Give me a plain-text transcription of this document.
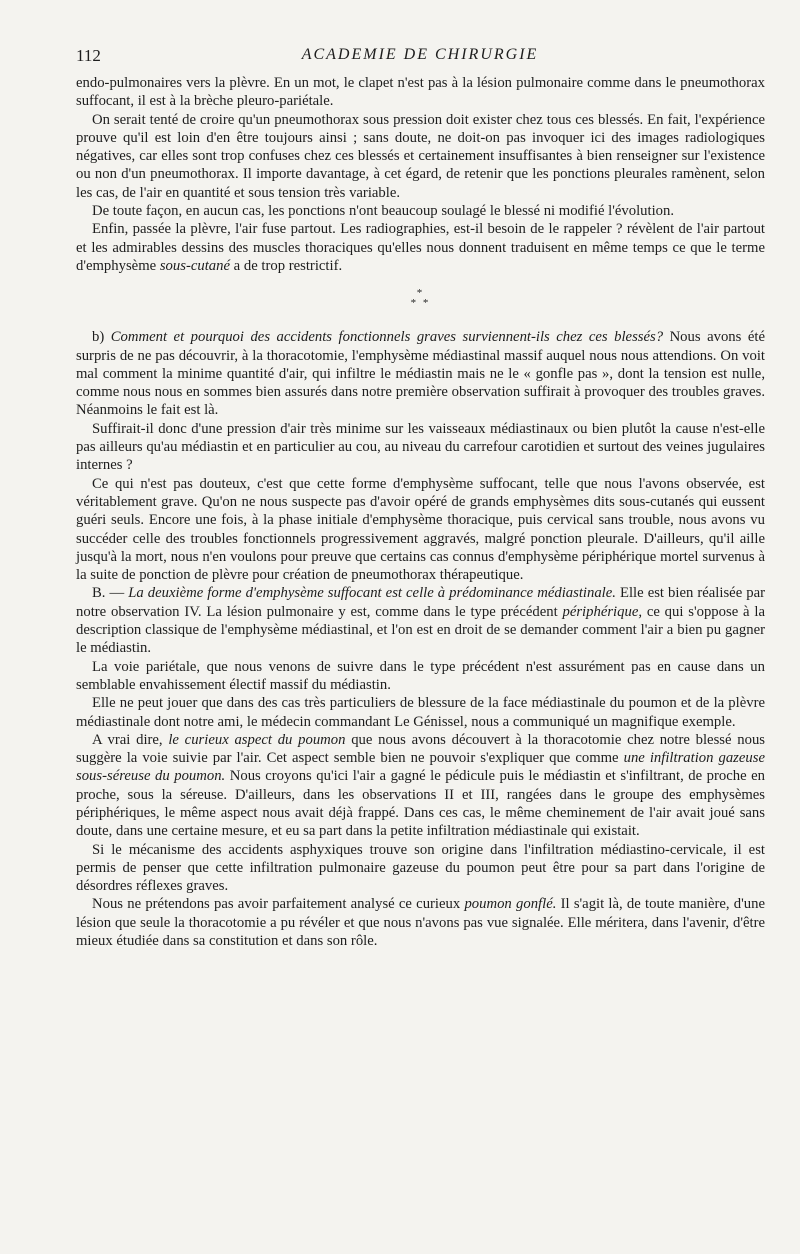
112	ACADEMIE DE CHIRURGIE

endo-pulmonaires vers la plèvre. En un mot, le clapet n'est pas à la lésion pulmonaire comme dans le pneumothorax suffocant, il est à la brèche pleuro-pariétale.

On serait tenté de croire qu'un pneumothorax sous pression doit exister chez tous ces blessés. En fait, l'expérience prouve qu'il est loin d'en être toujours ainsi ; sans doute, ne doit-on pas invoquer ici des images radiologiques négatives, car elles sont trop confuses chez ces blessés et certainement insuffisantes à bien renseigner sur l'existence ou non d'un pneumothorax. Il importe davantage, à cet égard, de retenir que les ponctions pleurales ramènent, selon les cas, de l'air en quantité et sous tension très variable.

De toute façon, en aucun cas, les ponctions n'ont beaucoup soulagé le blessé ni modifié l'évolution.

Enfin, passée la plèvre, l'air fuse partout. Les radiographies, est-il besoin de le rappeler ? révèlent de l'air partout et les admirables dessins des muscles thoraciques qu'elles nous donnent traduisent en même temps ce que le terme d'emphysème sous-cutané a de trop restrictif.

*
* *

b) Comment et pourquoi des accidents fonctionnels graves surviennent-ils chez ces blessés? Nous avons été surpris de ne pas découvrir, à la thoracotomie, l'emphysème médiastinal massif auquel nous nous attendions. On voit mal comment la minime quantité d'air, qui infiltre le médiastin mais ne le « gonfle pas », dont la tension est nulle, comme nous nous en sommes bien assurés dans notre première observation suffirait à provoquer des troubles graves. Néanmoins le fait est là.

Suffirait-il donc d'une pression d'air très minime sur les vaisseaux médiastinaux ou bien plutôt la cause n'est-elle pas ailleurs qu'au médiastin et en particulier au cou, au niveau du carrefour carotidien et surtout des veines jugulaires internes ?

Ce qui n'est pas douteux, c'est que cette forme d'emphysème suffocant, telle que nous l'avons observée, est véritablement grave. Qu'on ne nous suspecte pas d'avoir opéré de grands emphysèmes dits sous-cutanés qui eussent guéri seuls. Encore une fois, à la phase initiale d'emphysème thoracique, puis cervical sans trouble, nous avons vu succéder celle des troubles fonctionnels progressivement aggravés, malgré ponction pleurale. D'ailleurs, qu'il aille jusqu'à la mort, nous n'en voulons pour preuve que certains cas connus d'emphysème périphérique mortel survenus à la suite de ponction de plèvre pour création de pneumothorax thérapeutique.

B. — La deuxième forme d'emphysème suffocant est celle à prédominance médiastinale. Elle est bien réalisée par notre observation IV. La lésion pulmonaire y est, comme dans le type précédent périphérique, ce qui s'oppose à la description classique de l'emphysème médiastinal, et l'on est en droit de se demander comment l'air a bien pu gagner le médiastin.

La voie pariétale, que nous venons de suivre dans le type précédent n'est assurément pas en cause dans un semblable envahissement électif massif du médiastin.

Elle ne peut jouer que dans des cas très particuliers de blessure de la face médiastinale du poumon et de la plèvre médiastinale dont notre ami, le médecin commandant Le Génissel, nous a communiqué un magnifique exemple.

A vrai dire, le curieux aspect du poumon que nous avons découvert à la thoracotomie chez notre blessé nous suggère la voie suivie par l'air. Cet aspect semble bien ne pouvoir s'expliquer que comme une infiltration gazeuse sous-séreuse du poumon. Nous croyons qu'ici l'air a gagné le pédicule puis le médiastin et s'infiltrant, de proche en proche, sous la séreuse. D'ailleurs, dans les observations II et III, rangées dans le groupe des emphysèmes périphériques, le même aspect nous avait déjà frappé. Dans ces cas, le même cheminement de l'air avait joué sans doute, dans une certaine mesure, et eu sa part dans la petite infiltration médiastinale qui existait.

Si le mécanisme des accidents asphyxiques trouve son origine dans l'infiltration médiastino-cervicale, il est permis de penser que cette infiltration pulmonaire gazeuse du poumon peut être pour sa part dans l'origine de désordres réflexes graves.

Nous ne prétendons pas avoir parfaitement analysé ce curieux poumon gonflé. Il s'agit là, de toute manière, d'une lésion que seule la thoracotomie a pu révéler et que nous n'avons pas vue signalée. Elle méritera, dans l'avenir, d'être mieux étudiée dans sa constitution et dans son rôle.
